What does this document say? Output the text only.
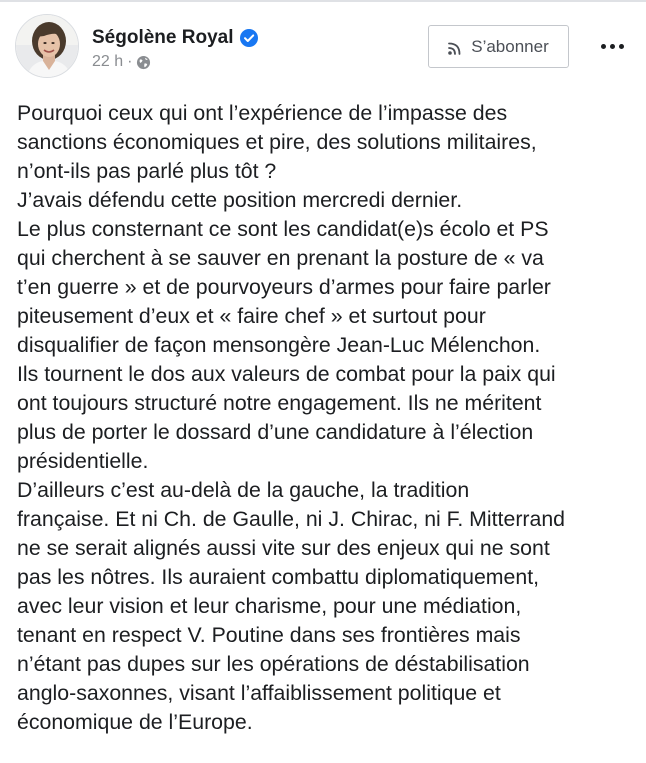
Ségolène Royal
22 h ·
S’abonner
Pourquoi ceux qui ont l’expérience de l’impasse des
sanctions économiques et pire, des solutions militaires,
n’ont-ils pas parlé plus tôt ?
J’avais défendu cette position mercredi dernier.
Le plus consternant ce sont les candidat(e)s écolo et PS
qui cherchent à se sauver en prenant la posture de « va
t’en guerre » et de pourvoyeurs d’armes pour faire parler
piteusement d’eux et « faire chef » et surtout pour
disqualifier de façon mensongère Jean-Luc Mélenchon.
Ils tournent le dos aux valeurs de combat pour la paix qui
ont toujours structuré notre engagement. Ils ne méritent
plus de porter le dossard d’une candidature à l’élection
présidentielle.
D’ailleurs c’est au-delà de la gauche, la tradition
française. Et ni Ch. de Gaulle, ni J. Chirac, ni F. Mitterrand
ne se serait alignés aussi vite sur des enjeux qui ne sont
pas les nôtres. Ils auraient combattu diplomatiquement,
avec leur vision et leur charisme, pour une médiation,
tenant en respect V. Poutine dans ses frontières mais
n’étant pas dupes sur les opérations de déstabilisation
anglo-saxonnes, visant l’affaiblissement politique et
économique de l’Europe.
